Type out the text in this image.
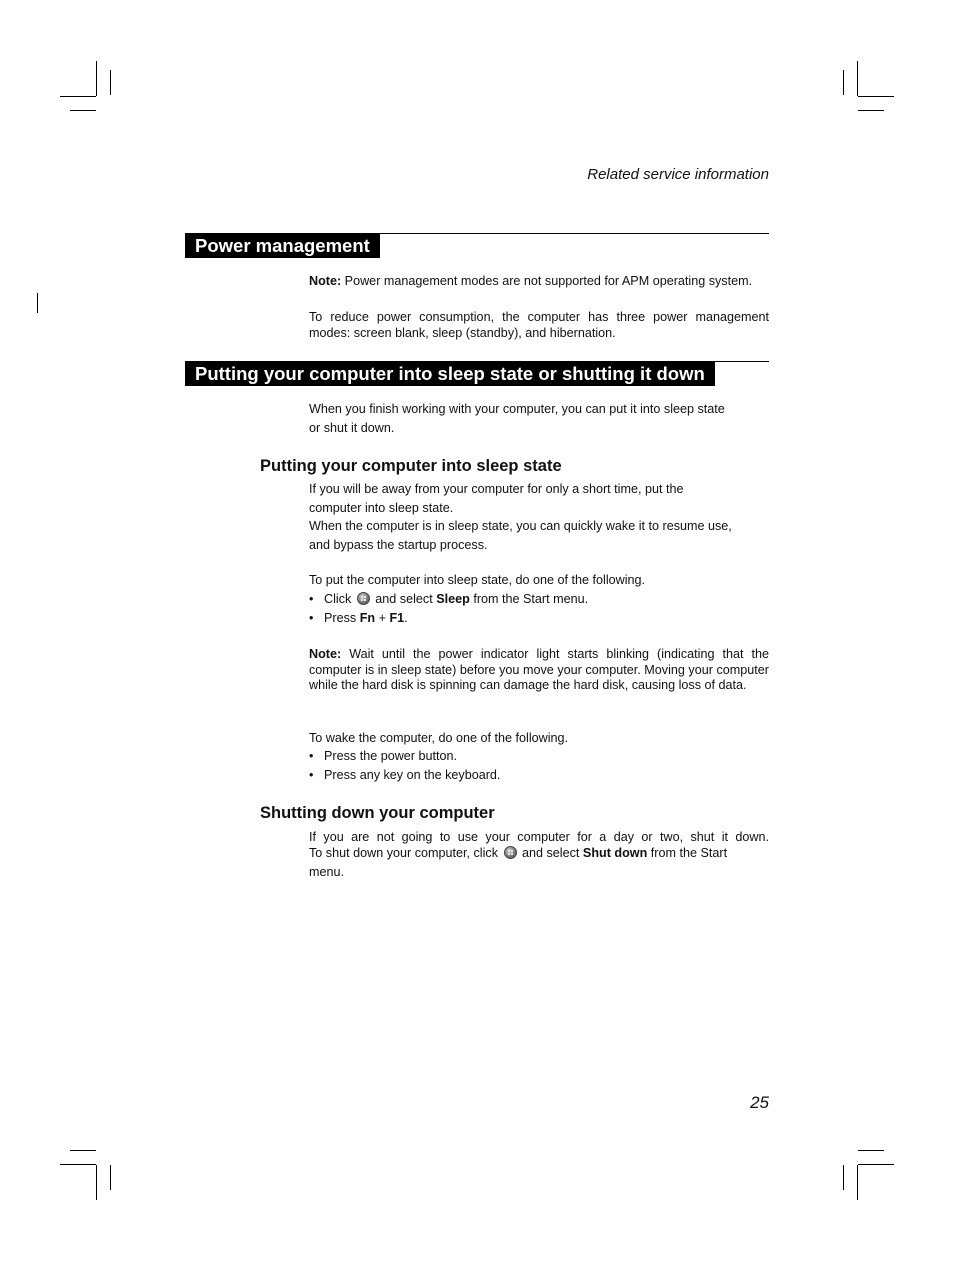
Related service information
Power management
Note: Power management modes are not supported for APM operating system.
To reduce power consumption, the computer has three power management modes: screen blank, sleep (standby), and hibernation.
Putting your computer into sleep state or shutting it down
When you finish working with your computer, you can put it into sleep state
or shut it down.
Putting your computer into sleep state
If you will be away from your computer for only a short time, put the
computer into sleep state.
When the computer is in sleep state, you can quickly wake it to resume use,
and bypass the startup process.
To put the computer into sleep state, do one of the following.
• Click  and select Sleep from the Start menu.
• Press Fn + F1.
Note: Wait until the power indicator light starts blinking (indicating that the computer is in sleep state) before you move your computer. Moving your computer while the hard disk is spinning can damage the hard disk, causing loss of data.
To wake the computer, do one of the following.
• Press the power button.
• Press any key on the keyboard.
Shutting down your computer
If you are not going to use your computer for a day or two, shut it down.
To shut down your computer, click  and select Shut down from the Start
menu.
25
